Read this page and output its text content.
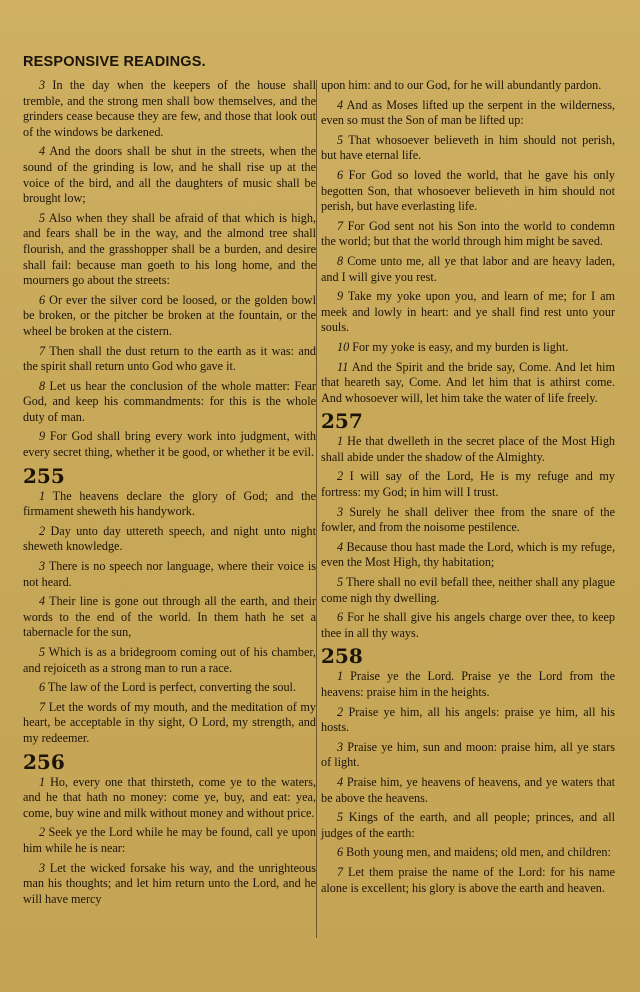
RESPONSIVE READINGS.

3 In the day when the keepers of the house shall tremble, and the strong men shall bow themselves, and the grinders cease because they are few, and those that look out of the windows be darkened.

4 And the doors shall be shut in the streets, when the sound of the grinding is low, and he shall rise up at the voice of the bird, and all the daughters of music shall be brought low;

5 Also when they shall be afraid of that which is high, and fears shall be in the way, and the almond tree shall flourish, and the grasshopper shall be a burden, and desire shall fail: because man goeth to his long home, and the mourners go about the streets:

6 Or ever the silver cord be loosed, or the golden bowl be broken, or the pitcher be broken at the fountain, or the wheel be broken at the cistern.

7 Then shall the dust return to the earth as it was: and the spirit shall return unto God who gave it.

8 Let us hear the conclusion of the whole matter: Fear God, and keep his commandments: for this is the whole duty of man.

9 For God shall bring every work into judgment, with every secret thing, whether it be good, or whether it be evil.

255

1 The heavens declare the glory of God; and the firmament sheweth his handywork.

2 Day unto day uttereth speech, and night unto night sheweth knowledge.

3 There is no speech nor language, where their voice is not heard.

4 Their line is gone out through all the earth, and their words to the end of the world. In them hath he set a tabernacle for the sun,

5 Which is as a bridegroom coming out of his chamber, and rejoiceth as a strong man to run a race.

6 The law of the Lord is perfect, converting the soul.

7 Let the words of my mouth, and the meditation of my heart, be acceptable in thy sight, O Lord, my strength, and my redeemer.

256

1 Ho, every one that thirsteth, come ye to the waters, and he that hath no money: come ye, buy, and eat: yea, come, buy wine and milk without money and without price.

2 Seek ye the Lord while he may be found, call ye upon him while he is near:

3 Let the wicked forsake his way, and the unrighteous man his thoughts; and let him return unto the Lord, and he will have mercy

upon him: and to our God, for he will abundantly pardon.

4 And as Moses lifted up the serpent in the wilderness, even so must the Son of man be lifted up:

5 That whosoever believeth in him should not perish, but have eternal life.

6 For God so loved the world, that he gave his only begotten Son, that whosoever believeth in him should not perish, but have everlasting life.

7 For God sent not his Son into the world to condemn the world; but that the world through him might be saved.

8 Come unto me, all ye that labor and are heavy laden, and I will give you rest.

9 Take my yoke upon you, and learn of me; for I am meek and lowly in heart: and ye shall find rest unto your souls.

10 For my yoke is easy, and my burden is light.

11 And the Spirit and the bride say, Come. And let him that heareth say, Come. And let him that is athirst come. And whosoever will, let him take the water of life freely.

257

1 He that dwelleth in the secret place of the Most High shall abide under the shadow of the Almighty.

2 I will say of the Lord, He is my refuge and my fortress: my God; in him will I trust.

3 Surely he shall deliver thee from the snare of the fowler, and from the noisome pestilence.

4 Because thou hast made the Lord, which is my refuge, even the Most High, thy habitation;

5 There shall no evil befall thee, neither shall any plague come nigh thy dwelling.

6 For he shall give his angels charge over thee, to keep thee in all thy ways.

258

1 Praise ye the Lord. Praise ye the Lord from the heavens: praise him in the heights.

2 Praise ye him, all his angels: praise ye him, all his hosts.

3 Praise ye him, sun and moon: praise him, all ye stars of light.

4 Praise him, ye heavens of heavens, and ye waters that be above the heavens.

5 Kings of the earth, and all people; princes, and all judges of the earth:

6 Both young men, and maidens; old men, and children:

7 Let them praise the name of the Lord: for his name alone is excellent; his glory is above the earth and heaven.
